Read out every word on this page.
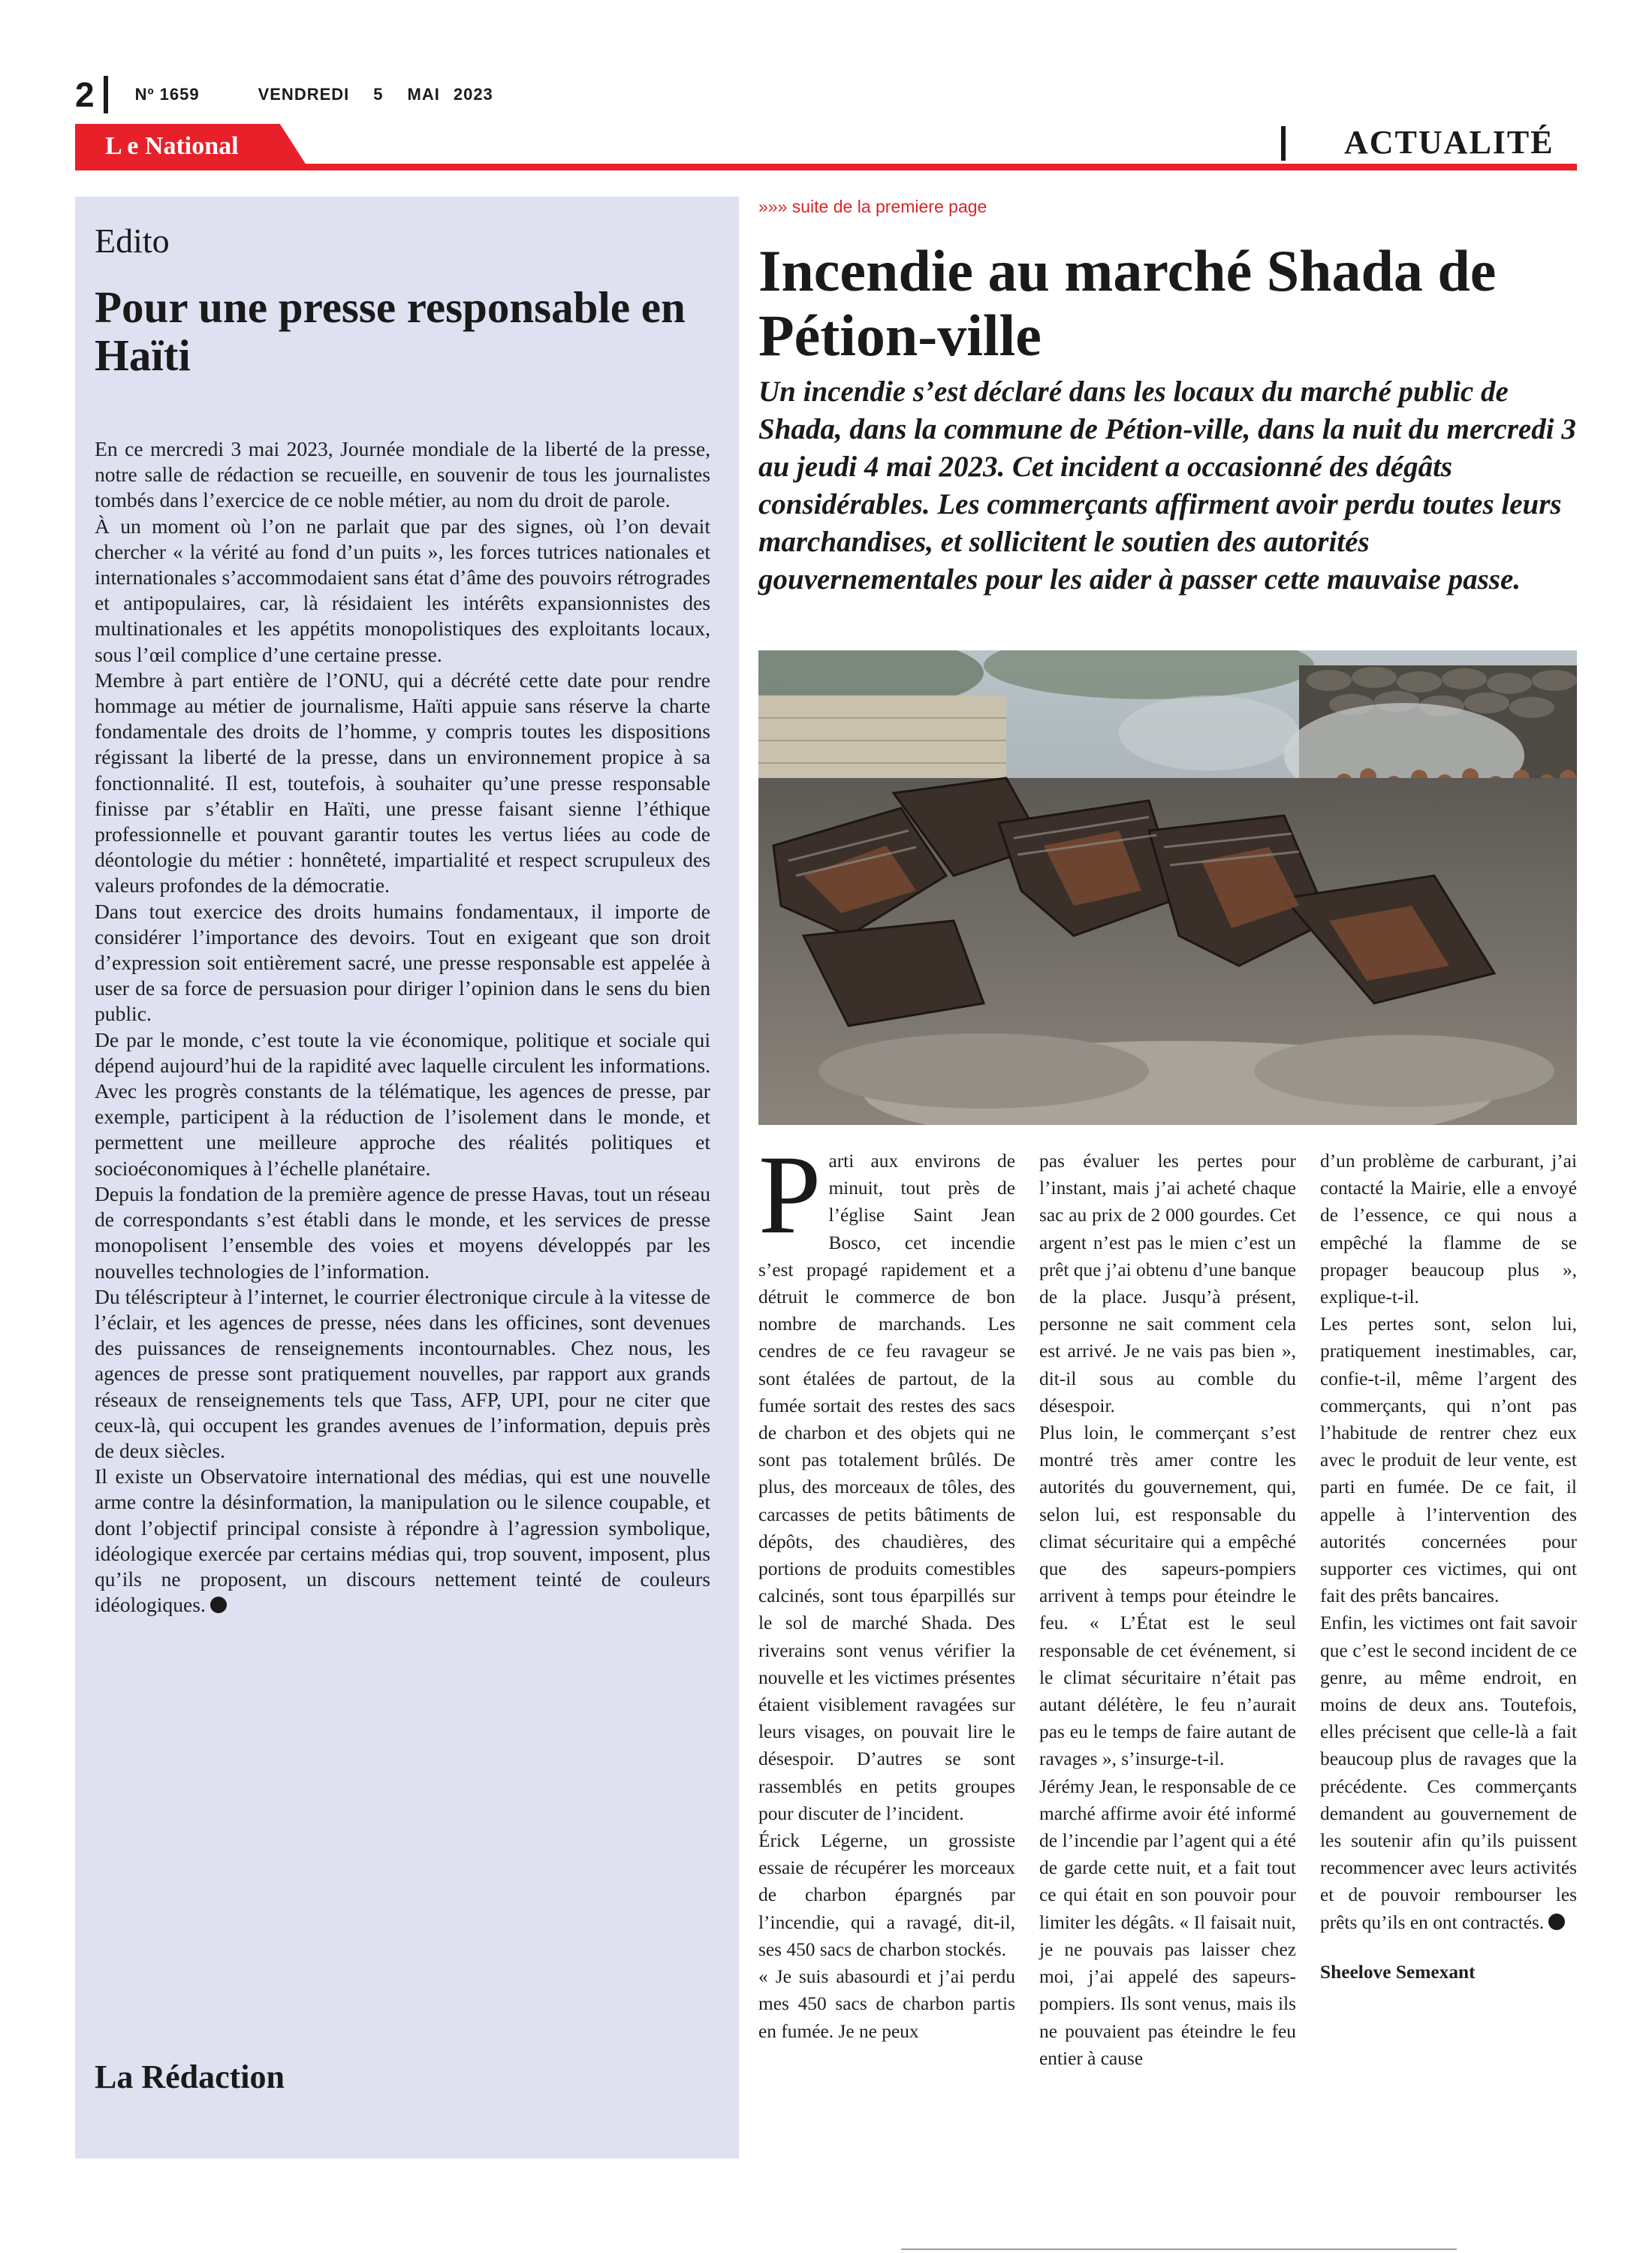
2 Nº 1659	VENDREDI 5 MAI 2023
L e National	ACTUALITÉ
Edito
Pour une presse responsable en Haïti

En ce mercredi 3 mai 2023, Journée mondiale de la liberté de la presse, notre salle de rédaction se recueille, en souvenir de tous les journalistes tombés dans l’exercice de ce noble métier, au nom du droit de parole.

À un moment où l’on ne parlait que par des signes, où l’on devait chercher « la vérité au fond d’un puits », les forces tutrices nationales et internationales s’accommodaient sans état d’âme des pouvoirs rétrogrades et antipopulaires, car, là résidaient les intérêts expansionnistes des multinationales et les appétits monopolistiques des exploitants locaux, sous l’œil complice d’une certaine presse.

Membre à part entière de l’ONU, qui a décrété cette date pour rendre hommage au métier de journalisme, Haïti appuie sans réserve la charte fondamentale des droits de l’homme, y compris toutes les dispositions régissant la liberté de la presse, dans un environnement propice à sa fonctionnalité. Il est, toutefois, à souhaiter qu’une presse responsable finisse par s’établir en Haïti, une presse faisant sienne l’éthique professionnelle et pouvant garantir toutes les vertus liées au code de déontologie du métier : honnêteté, impartialité et respect scrupuleux des valeurs profondes de la démocratie.

Dans tout exercice des droits humains fondamentaux, il importe de considérer l’importance des devoirs. Tout en exigeant que son droit d’expression soit entièrement sacré, une presse responsable est appelée à user de sa force de persuasion pour diriger l’opinion dans le sens du bien public.

De par le monde, c’est toute la vie économique, politique et sociale qui dépend aujourd’hui de la rapidité avec laquelle circulent les informations. Avec les progrès constants de la télématique, les agences de presse, par exemple, participent à la réduction de l’isolement dans le monde, et permettent une meilleure approche des réalités politiques et socioéconomiques à l’échelle planétaire.

Depuis la fondation de la première agence de presse Havas, tout un réseau de correspondants s’est établi dans le monde, et les services de presse monopolisent l’ensemble des voies et moyens développés par les nouvelles technologies de l’information.

Du téléscripteur à l’internet, le courrier électronique circule à la vitesse de l’éclair, et les agences de presse, nées dans les officines, sont devenues des puissances de renseignements incontournables. Chez nous, les agences de presse sont pratiquement nouvelles, par rapport aux grands réseaux de renseignements tels que Tass, AFP, UPI, pour ne citer que ceux-là, qui occupent les grandes avenues de l’information, depuis près de deux siècles.

Il existe un Observatoire international des médias, qui est une nouvelle arme contre la désinformation, la manipulation ou le silence coupable, et dont l’objectif principal consiste à répondre à l’agression symbolique, idéologique exercée par certains médias qui, trop souvent, imposent, plus qu’ils ne proposent, un discours nettement teinté de couleurs idéologiques.

La Rédaction
»»» suite de la premiere page
Incendie au marché Shada de Pétion-ville

Un incendie s’est déclaré dans les locaux du marché public de Shada, dans la commune de Pétion-ville, dans la nuit du mercredi 3 au jeudi 4 mai 2023. Cet incident a occasionné des dégâts considérables. Les commerçants affirment avoir perdu toutes leurs marchandises, et sollicitent le soutien des autorités gouvernementales pour les aider à passer cette mauvaise passe.

Parti aux environs de minuit, tout près de l’église Saint Jean Bosco, cet incendie s’est propagé rapidement et a détruit le commerce de bon nombre de marchands. Les cendres de ce feu ravageur se sont étalées de partout, de la fumée sortait des restes des sacs de charbon et des objets qui ne sont pas totalement brûlés. De plus, des morceaux de tôles, des carcasses de petits bâtiments de dépôts, des chaudières, des portions de produits comestibles calcinés, sont tous éparpillés sur le sol de marché Shada. Des riverains sont venus vérifier la nouvelle et les victimes présentes étaient visiblement ravagées sur leurs visages, on pouvait lire le désespoir. D’autres se sont rassemblés en petits groupes pour discuter de l’incident.

Érick Légerne, un grossiste essaie de récupérer les morceaux de charbon épargnés par l’incendie, qui a ravagé, dit-il, ses 450 sacs de charbon stockés.

« Je suis abasourdi et j’ai perdu mes 450 sacs de charbon partis en fumée. Je ne peux

pas évaluer les pertes pour l’instant, mais j’ai acheté chaque sac au prix de 2 000 gourdes. Cet argent n’est pas le mien c’est un prêt que j’ai obtenu d’une banque de la place. Jusqu’à présent, personne ne sait comment cela est arrivé. Je ne vais pas bien », dit-il sous au comble du désespoir.

Plus loin, le commerçant s’est montré très amer contre les autorités du gouvernement, qui, selon lui, est responsable du climat sécuritaire qui a empêché que des sapeurs-pompiers arrivent à temps pour éteindre le feu. « L’État est le seul responsable de cet événement, si le climat sécuritaire n’était pas autant délétère, le feu n’aurait pas eu le temps de faire autant de ravages », s’insurge-t-il.

Jérémy Jean, le responsable de ce marché affirme avoir été informé de l’incendie par l’agent qui a été de garde cette nuit, et a fait tout ce qui était en son pouvoir pour limiter les dégâts. « Il faisait nuit, je ne pouvais pas laisser chez moi, j’ai appelé des sapeurs-pompiers. Ils sont venus, mais ils ne pouvaient pas éteindre le feu entier à cause

d’un problème de carburant, j’ai contacté la Mairie, elle a envoyé de l’essence, ce qui nous a empêché la flamme de se propager beaucoup plus », explique-t-il.

Les pertes sont, selon lui, pratiquement inestimables, car, confie-t-il, même l’argent des commerçants, qui n’ont pas l’habitude de rentrer chez eux avec le produit de leur vente, est parti en fumée. De ce fait, il appelle à l’intervention des autorités concernées pour supporter ces victimes, qui ont fait des prêts bancaires.

Enfin, les victimes ont fait savoir que c’est le second incident de ce genre, au même endroit, en moins de deux ans. Toutefois, elles précisent que celle-là a fait beaucoup plus de ravages que la précédente. Ces commerçants demandent au gouvernement de les soutenir afin qu’ils puissent recommencer avec leurs activités et de pouvoir rembourser les prêts qu’ils en ont contractés.

Sheelove Semexant
